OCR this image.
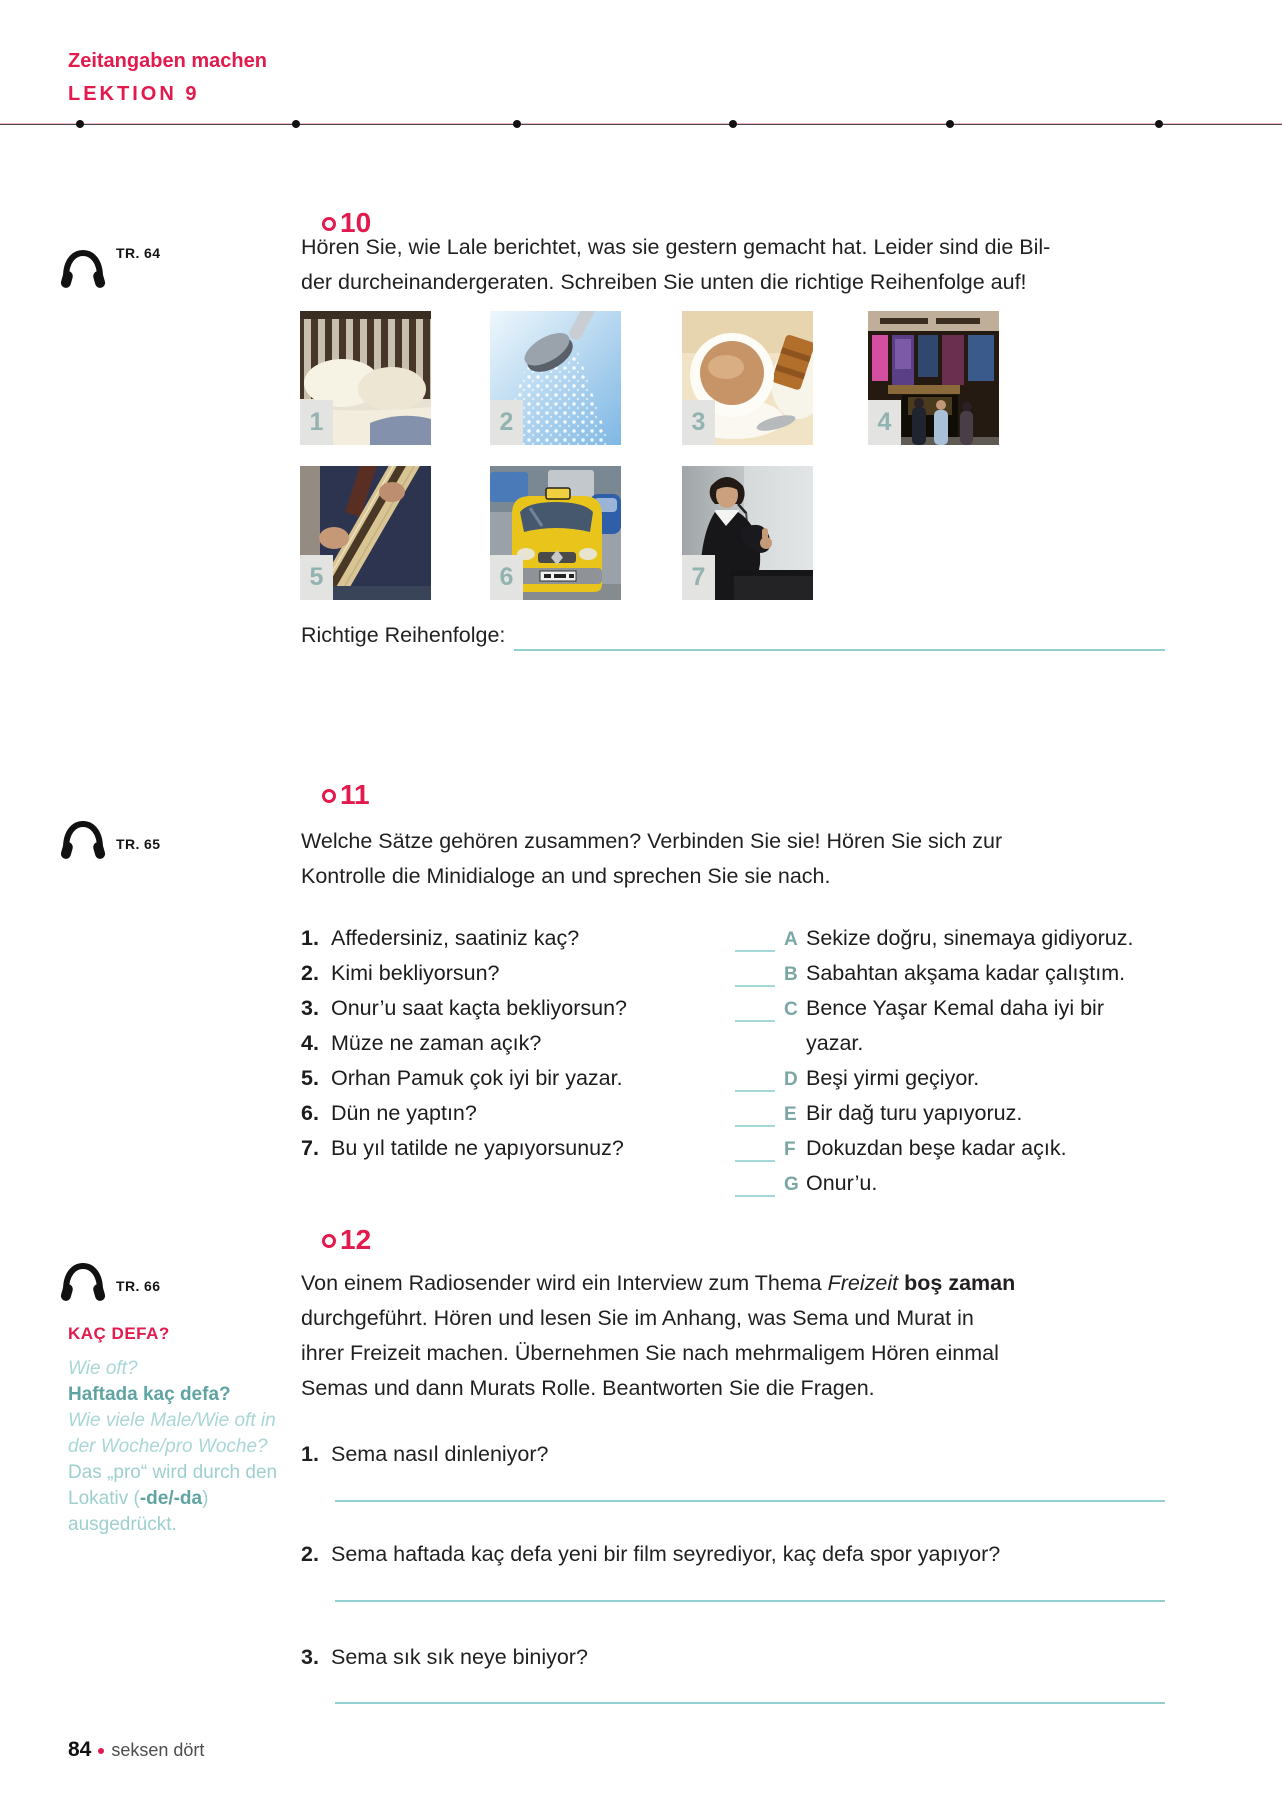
Zeitangaben machen
LEKTION 9
10
TR. 64	Hören Sie, wie Lale berichtet, was sie gestern gemacht hat. Leider sind die Bil-
der durcheinandergeraten. Schreiben Sie unten die richtige Reihenfolge auf!
1	2	3	4
5	6	7
Richtige Reihenfolge:
11
TR. 65	Welche Sätze gehören zusammen? Verbinden Sie sie! Hören Sie sich zur
Kontrolle die Minidialoge an und sprechen Sie sie nach.
1. Affedersiniz, saatiniz kaç?
2. Kimi bekliyorsun?
3. Onur’u saat kaçta bekliyorsun?
4. Müze ne zaman açık?
5. Orhan Pamuk çok iyi bir yazar.
6. Dün ne yaptın?
7. Bu yıl tatilde ne yapıyorsunuz?
A Sekize doğru, sinemaya gidiyoruz.
B Sabahtan akşama kadar çalıştım.
C Bence Yaşar Kemal daha iyi bir
yazar.
D Beşi yirmi geçiyor.
E Bir dağ turu yapıyoruz.
F Dokuzdan beşe kadar açık.
G Onur’u.
12
TR. 66
KAÇ DEFA?
Wie oft?
Haftada kaç defa?
Wie viele Male/Wie oft in der Woche/pro Woche?
Das „pro“ wird durch den Lokativ (-de/-da) ausgedrückt.
Von einem Radiosender wird ein Interview zum Thema Freizeit boş zaman
durchgeführt. Hören und lesen Sie im Anhang, was Sema und Murat in
ihrer Freizeit machen. Übernehmen Sie nach mehrmaligem Hören einmal
Semas und dann Murats Rolle. Beantworten Sie die Fragen.
1. Sema nasıl dinleniyor?
2. Sema haftada kaç defa yeni bir film seyrediyor, kaç defa spor yapıyor?
3. Sema sık sık neye biniyor?
84 seksen dört
